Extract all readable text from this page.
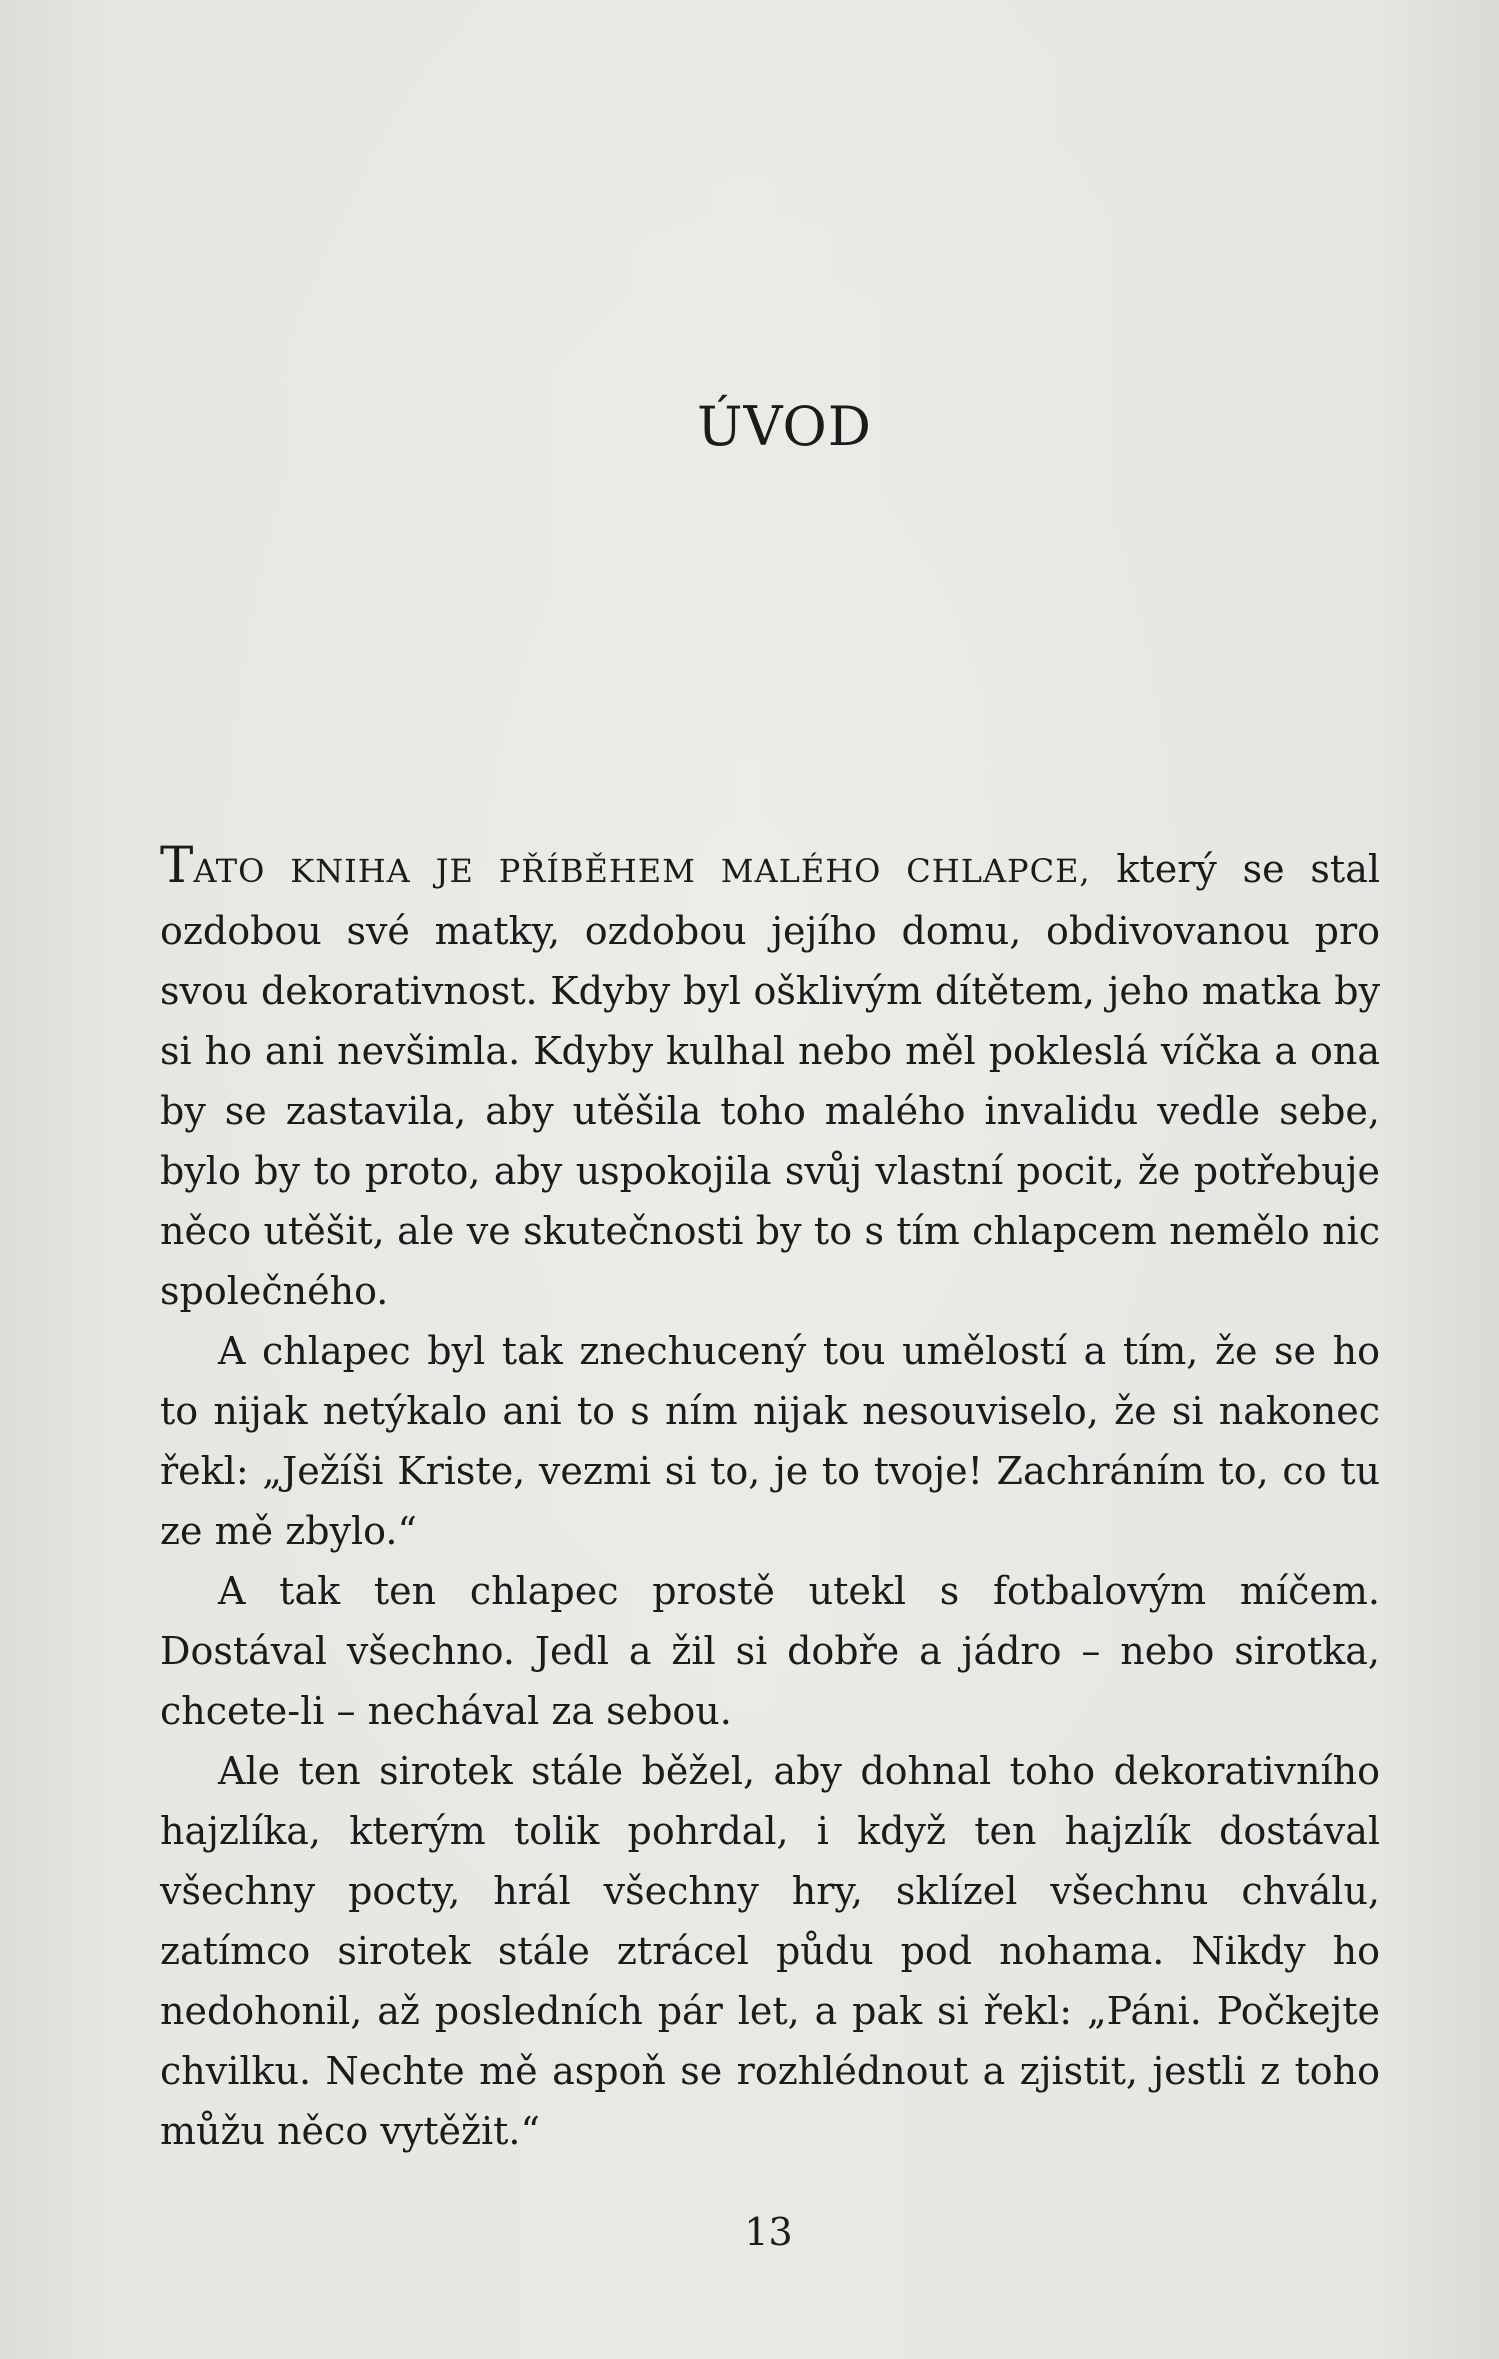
ÚVOD

TATO KNIHA JE PŘÍBĚHEM MALÉHO CHLAPCE, který se stal ozdobou své matky, ozdobou jejího domu, obdivovanou pro svou dekorativnost. Kdyby byl ošklivým dítětem, jeho matka by si ho ani nevšimla. Kdyby kulhal nebo měl pokleslá víčka a ona by se zastavila, aby utěšila toho malého invalidu vedle sebe, bylo by to proto, aby uspokojila svůj vlastní pocit, že potřebuje něco utěšit, ale ve skutečnosti by to s tím chlapcem nemělo nic společného.

A chlapec byl tak znechucený tou umělostí a tím, že se ho to nijak netýkalo ani to s ním nijak nesouviselo, že si nakonec řekl: „Ježíši Kriste, vezmi si to, je to tvoje! Zachráním to, co tu ze mě zbylo.“

A tak ten chlapec prostě utekl s fotbalovým míčem. Dostával všechno. Jedl a žil si dobře a jádro – nebo sirotka, chcete-li – nechával za sebou.

Ale ten sirotek stále běžel, aby dohnal toho dekorativního hajzlíka, kterým tolik pohrdal, i když ten hajzlík dostával všechny pocty, hrál všechny hry, sklízel všechnu chválu, zatímco sirotek stále ztrácel půdu pod nohama. Nikdy ho nedohonil, až posledních pár let, a pak si řekl: „Páni. Počkejte chvilku. Nechte mě aspoň se rozhlédnout a zjistit, jestli z toho můžu něco vytěžit.“

13
